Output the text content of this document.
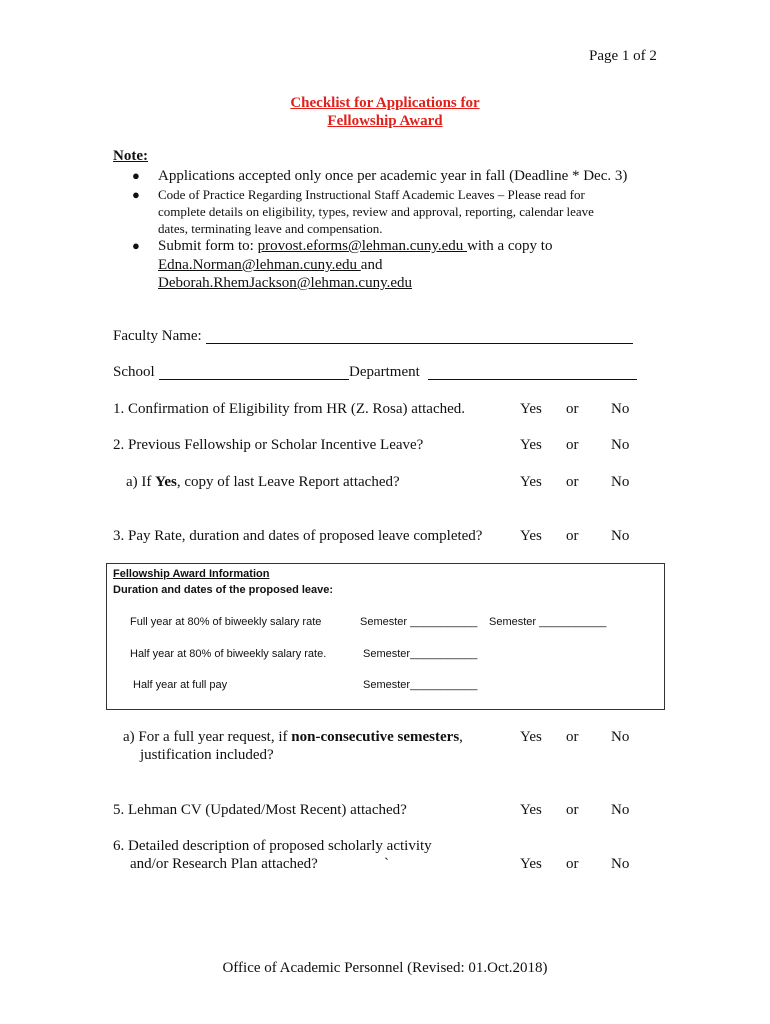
Page 1 of 2
Checklist for Applications for
Fellowship Award
Note:
● Applications accepted only once per academic year in fall (Deadline * Dec. 3)
● Code of Practice Regarding Instructional Staff Academic Leaves – Please read for
complete details on eligibility, types, review and approval, reporting, calendar leave
dates, terminating leave and compensation.
● Submit form to: provost.eforms@lehman.cuny.edu with a copy to
Edna.Norman@lehman.cuny.edu and
Deborah.RhemJackson@lehman.cuny.edu
Faculty Name:
School	Department
1. Confirmation of Eligibility from HR (Z. Rosa) attached.	Yes or No
2. Previous Fellowship or Scholar Incentive Leave?	Yes or No
a) If Yes, copy of last Leave Report attached?	Yes or No
3. Pay Rate, duration and dates of proposed leave completed?	Yes or No
Fellowship Award Information
Duration and dates of the proposed leave:
Full year at 80% of biweekly salary rate	Semester ___________ Semester ___________
Half year at 80% of biweekly salary rate.	Semester___________
Half year at full pay	Semester___________
a) For a full year request, if non-consecutive semesters,
justification included?
Yes or No
5. Lehman CV (Updated/Most Recent) attached?	Yes or No
6. Detailed description of proposed scholarly activity
and/or Research Plan attached?	`	Yes or No
Office of Academic Personnel (Revised: 01.Oct.2018)
